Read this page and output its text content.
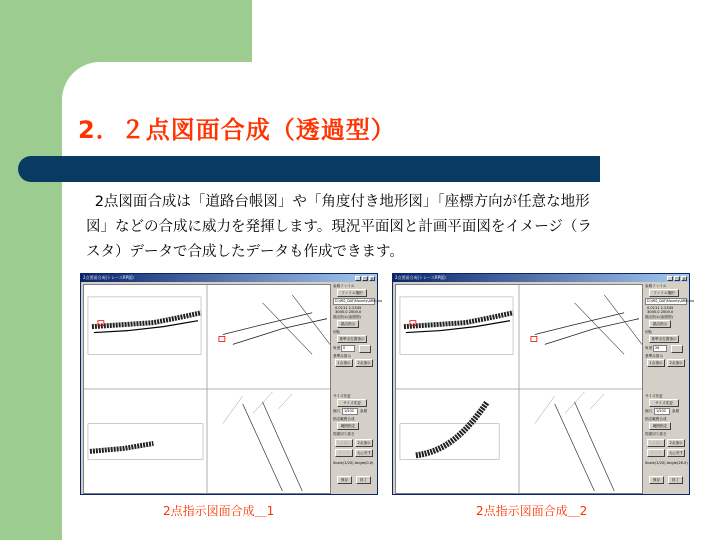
2．２点図面合成（透過型）

2点図面合成は「道路台帳図」や「角度付き地形図」「座標方向が任意な地形

図」などの合成に威力を発揮します。現況平面図と計画平面図をイメージ（ラ

スタ）データで合成したデータも作成できます。

2点図面合成(トレースRP版)	_	□ ×
参照ファイル
ファイル選択
D:\WS_DAT\Mounty\ARR.fno
0.0111 1.2345
3000.0 2000.0
端点指示(参照図)
端点指示
回転
基準点位置指示
角度 0
基準点指示
1点指示	2点指示
サイズ変更
サイズ変更
縮尺	1/500	参照
指定範囲合成
範囲指定
図面切り抜き
1点指示	2点指示
クリア	元に戻す
Scale(1/20) Angle(0.0)
保存	終了
2点指示図面合成＿1
2点図面合成(トレースRP版)	_	□ ×
参照ファイル
ファイル選択
D:\WS_DAT\Mounty\ARR.fno
0.0111 1.2345
3000.0 2000.0
端点指示(参照図)
端点指示
回転
基準点位置指示
角度 26
基準点指示
1点指示	2点指示
サイズ変更
サイズ変更
縮尺	1/500	参照
指定範囲合成
範囲指定
図面切り抜き
1点指示	2点指示
クリア	元に戻す
Scale(1/20) Angle(26.0)
保存	終了
2点指示図面合成＿2
